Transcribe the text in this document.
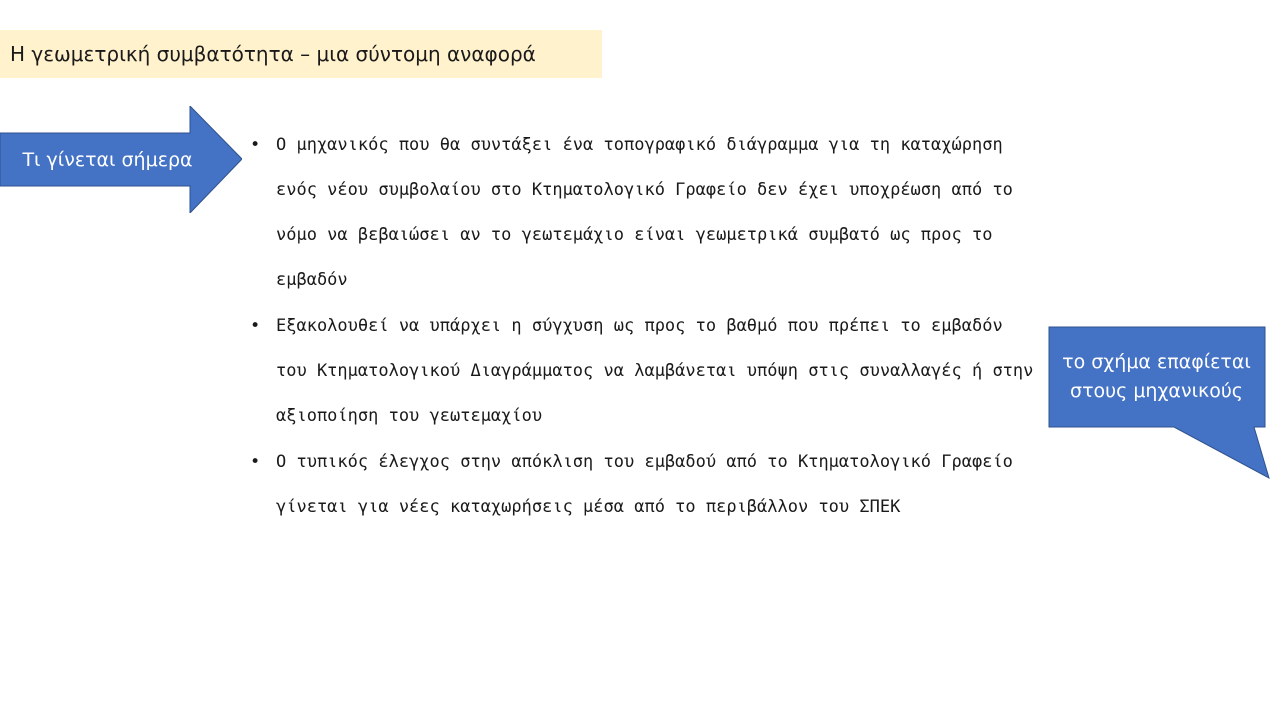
Η γεωμετρική συμβατότητα – μια σύντομη αναφορά
Τι γίνεται σήμερα
• Ο μηχανικός που θα συντάξει ένα τοπογραφικό διάγραμμα για τη καταχώρηση ενός νέου συμβολαίου στο Κτηματολογικό Γραφείο δεν έχει υποχρέωση από το νόμο να βεβαιώσει αν το γεωτεμάχιο είναι γεωμετρικά συμβατό ως προς το εμβαδόν
• Εξακολουθεί να υπάρχει η σύγχυση ως προς το βαθμό που πρέπει το εμβαδόν του Κτηματολογικού Διαγράμματος να λαμβάνεται υπόψη στις συναλλαγές ή στην αξιοποίηση του γεωτεμαχίου
• Ο τυπικός έλεγχος στην απόκλιση του εμβαδού από το Κτηματολογικό Γραφείο γίνεται για νέες καταχωρήσεις μέσα από το περιβάλλον του ΣΠΕΚ
το σχήμα επαφίεται στους μηχανικούς
